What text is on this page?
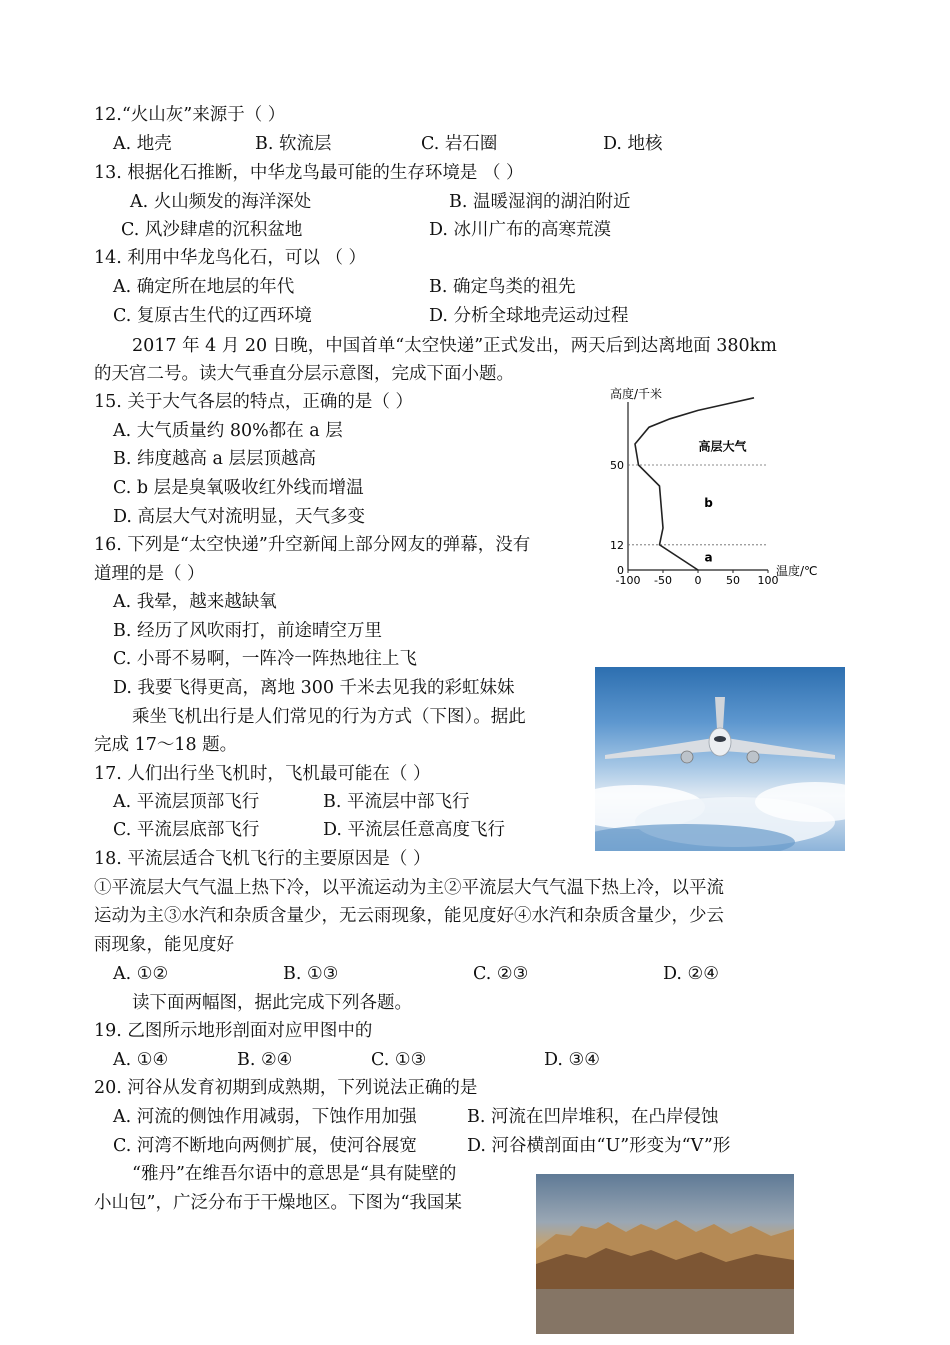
12.“火山灰”来源于（ ）
A. 地壳	B. 软流层	C. 岩石圈	D. 地核
13. 根据化石推断，中华龙鸟最可能的生存环境是 （ ）
A. 火山频发的海洋深处	B. 温暖湿润的湖泊附近
C. 风沙肆虐的沉积盆地	D. 冰川广布的高寒荒漠
14. 利用中华龙鸟化石，可以 （ ）
A. 确定所在地层的年代	B. 确定鸟类的祖先
C. 复原古生代的辽西环境	D. 分析全球地壳运动过程
2017 年 4 月 20 日晚，中国首单“太空快递”正式发出，两天后到达离地面 380km
的天宫二号。读大气垂直分层示意图，完成下面小题。
15. 关于大气各层的特点，正确的是（ ）
A. 大气质量约 80%都在 a 层
B. 纬度越高 a 层层顶越高
C. b 层是臭氧吸收红外线而增温
D. 高层大气对流明显，天气多变
16. 下列是“太空快递”升空新闻上部分网友的弹幕，没有
道理的是（ ）
A. 我晕，越来越缺氧
B. 经历了风吹雨打，前途晴空万里
C. 小哥不易啊，一阵冷一阵热地往上飞
D. 我要飞得更高，离地 300 千米去见我的彩虹妹妹
乘坐飞机出行是人们常见的行为方式（下图）。据此
完成 17～18 题。
17. 人们出行坐飞机时，飞机最可能在（ ）
A. 平流层顶部飞行	B. 平流层中部飞行
C. 平流层底部飞行	D. 平流层任意高度飞行
18. 平流层适合飞机飞行的主要原因是（ ）
①平流层大气气温上热下冷，以平流运动为主②平流层大气气温下热上冷，以平流
运动为主③水汽和杂质含量少，无云雨现象，能见度好④水汽和杂质含量少，少云
雨现象，能见度好
A. ①②	B. ①③	C. ②③	D. ②④
读下面两幅图，据此完成下列各题。
19. 乙图所示地形剖面对应甲图中的
A. ①④	B. ②④	C. ①③	D. ③④
20. 河谷从发育初期到成熟期，下列说法正确的是
A. 河流的侧蚀作用减弱，下蚀作用加强	B. 河流在凹岸堆积，在凸岸侵蚀
C. 河湾不断地向两侧扩展，使河谷展宽	D. 河谷横剖面由“U”形变为“V”形
“雅丹”在维吾尔语中的意思是“具有陡壁的
小山包”，广泛分布于干燥地区。下图为“我国某
高度/千米
温度/℃
-100 -50 0 50 100
0
12
50
a
b
高层大气
